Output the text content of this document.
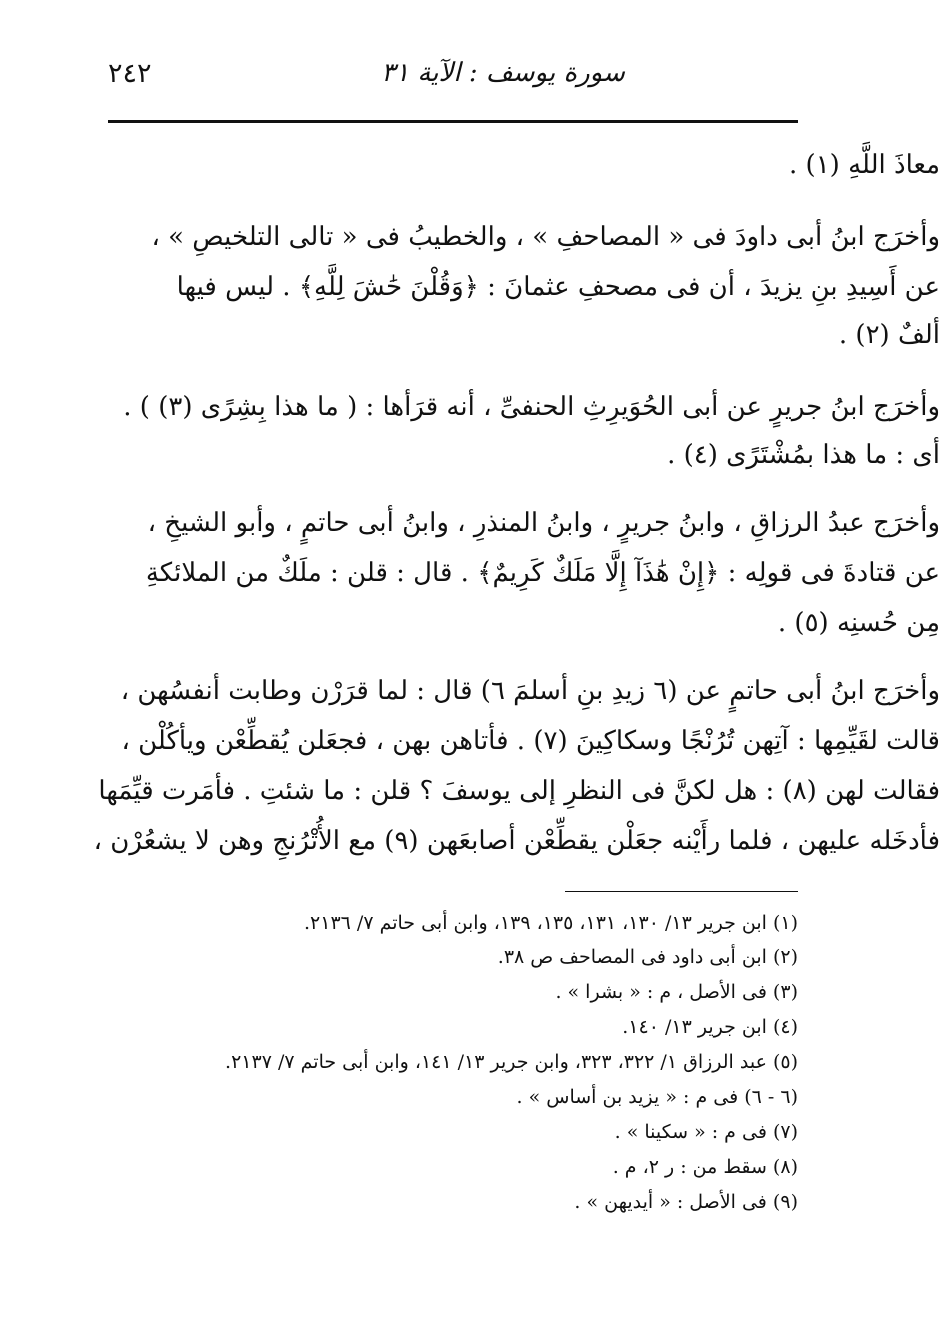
٢٤٢	سورة يوسف : الآية ٣١
معاذَ اللَّهِ (١) .
وأخرَج ابنُ أبى داودَ فى « المصاحفِ » ، والخطيبُ فى « تالى التلخيصِ » ،
عن أَسِيدِ بنِ يزيدَ ، أن فى مصحفِ عثمانَ : ﴿وَقُلْنَ حَٰشَ لِلَّهِ﴾ . ليس فيها
ألفٌ (٢) .
وأخرَج ابنُ جريرٍ عن أبى الحُوَيرِثِ الحنفىِّ ، أنه قرَأها : ( ما هذا بِشِرًى (٣) ) .
أى : ما هذا بمُشْتَرًى (٤) .
وأخرَج عبدُ الرزاقِ ، وابنُ جريرٍ ، وابنُ المنذرِ ، وابنُ أبى حاتمٍ ، وأبو الشيخِ ،
عن قتادةَ فى قولِه : ﴿إِنْ هَٰذَآ إِلَّا مَلَكٌ كَرِيمٌ﴾ . قال : قلن : ملَكٌ من الملائكةِ
مِن حُسنِه (٥) .
وأخرَج ابنُ أبى حاتمٍ عن (٦ زيدِ بنِ أسلمَ ٦) قال : لما قرَرْن وطابت أنفسُهن ،
قالت لقَيِّمِها : آتِهن تُرُنْجًا وسكاكِينَ (٧) . فأتاهن بهن ، فجعَلن يُقطِّعْن ويأكُلْن ،
فقالت لهن (٨) : هل لكنَّ فى النظرِ إلى يوسفَ ؟ قلن : ما شئتِ . فأمَرت قيِّمَها
فأدخَله عليهن ، فلما رأَيْنه جعَلْن يقطِّعْن أصابعَهن (٩) مع الأُتْرُنجِ وهن لا يشعُرْن ،
(١) ابن جرير ١٣/ ١٣٠، ١٣١، ١٣٥، ١٣٩، وابن أبى حاتم ٧/ ٢١٣٦.
(٢) ابن أبى داود فى المصاحف ص ٣٨.
(٣) فى الأصل ، م : « بشرا » .
(٤) ابن جرير ١٣/ ١٤٠.
(٥) عبد الرزاق ١/ ٣٢٢، ٣٢٣، وابن جرير ١٣/ ١٤١، وابن أبى حاتم ٧/ ٢١٣٧.
(٦ - ٦) فى م : « يزيد بن أساس » .
(٧) فى م : « سكينا » .
(٨) سقط من : ر ٢، م .
(٩) فى الأصل : « أيديهن » .
